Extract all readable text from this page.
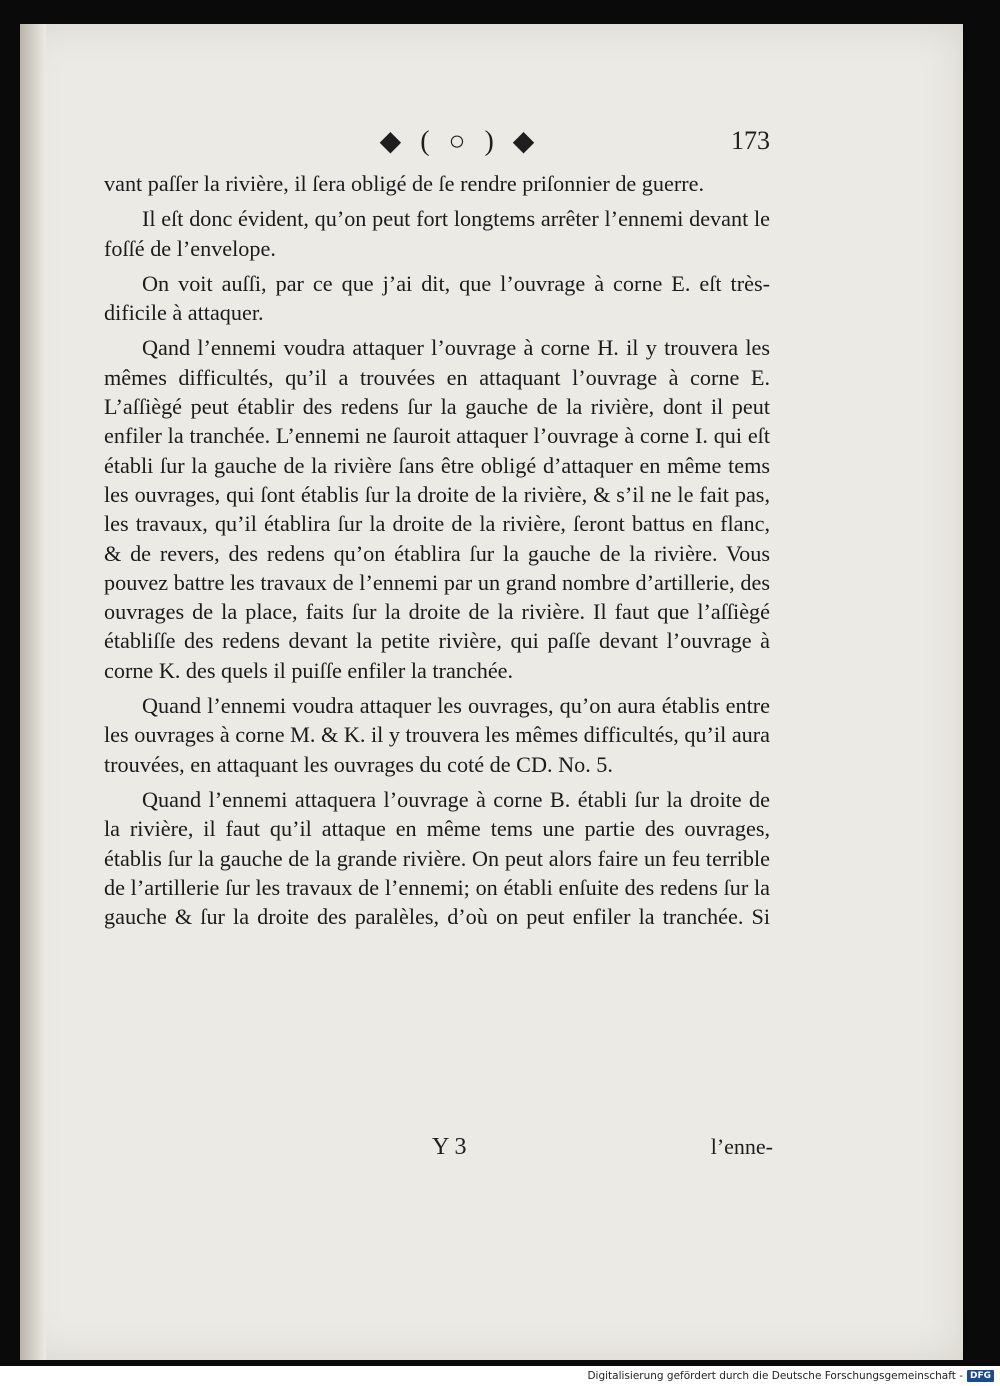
◆ ( ○ ) ◆	173

vant paſſer la rivière, il ſera obligé de ſe rendre priſonnier de guerre.

Il eſt donc évident, qu’on peut fort longtems arrêter l’ennemi devant le foſſé de l’envelope.

On voit auſſi, par ce que j’ai dit, que l’ouvrage à corne E. eſt très-dificile à attaquer.

Qand l’ennemi voudra attaquer l’ouvrage à corne H. il y trouvera les mêmes difficultés, qu’il a trouvées en attaquant l’ouvrage à corne E. L’aſſiègé peut établir des redens ſur la gauche de la rivière, dont il peut enfiler la tranchée. L’ennemi ne ſauroit attaquer l’ouvrage à corne I. qui eſt établi ſur la gauche de la rivière ſans être obligé d’attaquer en même tems les ouvrages, qui ſont établis ſur la droite de la rivière, & s’il ne le fait pas, les travaux, qu’il établira ſur la droite de la rivière, ſeront battus en flanc, & de revers, des redens qu’on établira ſur la gauche de la rivière. Vous pouvez battre les travaux de l’ennemi par un grand nombre d’artillerie, des ouvrages de la place, faits ſur la droite de la rivière. Il faut que l’aſſiègé établiſſe des redens devant la petite rivière, qui paſſe devant l’ouvrage à corne K. des quels il puiſſe enfiler la tranchée.

Quand l’ennemi voudra attaquer les ouvrages, qu’on aura établis entre les ouvrages à corne M. & K. il y trouvera les mêmes difficultés, qu’il aura trouvées, en attaquant les ouvrages du coté de CD. No. 5.

Quand l’ennemi attaquera l’ouvrage à corne B. établi ſur la droite de la rivière, il faut qu’il attaque en même tems une partie des ouvrages, établis ſur la gauche de la grande rivière. On peut alors faire un feu terrible de l’artillerie ſur les travaux de l’ennemi; on établi enſuite des redens ſur la gauche & ſur la droite des paralèles, d’où on peut enfiler la tranchée. Si

Y 3	l’enne-
Digitalisierung gefördert durch die Deutsche Forschungsgemeinschaft - DFG
